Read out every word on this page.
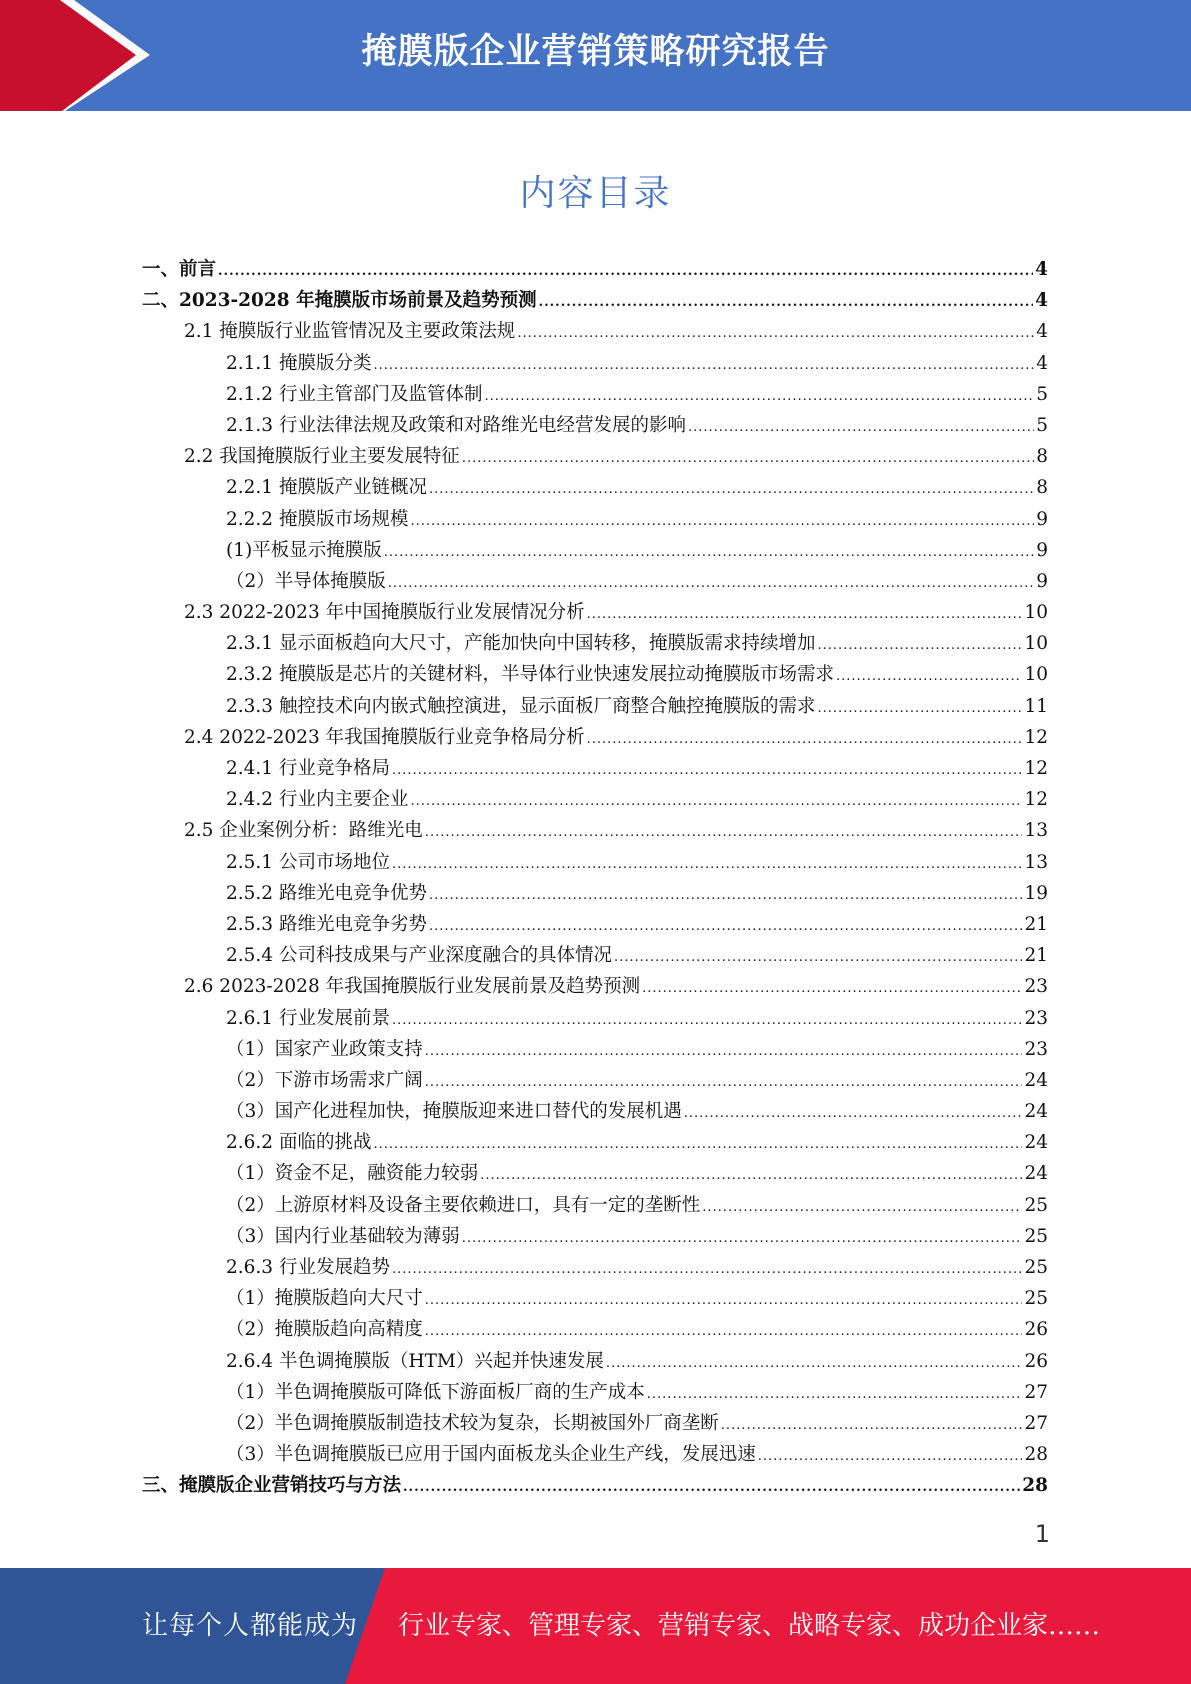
掩膜版企业营销策略研究报告
内容目录
一、前言 .....	4
二、2023-2028 年掩膜版市场前景及趋势预测 .....	4
2.1 掩膜版行业监管情况及主要政策法规 .....	4
2.1.1 掩膜版分类 .....	4
2.1.2 行业主管部门及监管体制 .....	5
2.1.3 行业法律法规及政策和对路维光电经营发展的影响 .....	5
2.2 我国掩膜版行业主要发展特征 .....	8
2.2.1 掩膜版产业链概况 .....	8
2.2.2 掩膜版市场规模 .....	9
(1)平板显示掩膜版 .....	9
（2）半导体掩膜版 .....	9
2.3 2022-2023 年中国掩膜版行业发展情况分析 .....	10
2.3.1 显示面板趋向大尺寸，产能加快向中国转移，掩膜版需求持续增加 .....	10
2.3.2 掩膜版是芯片的关键材料，半导体行业快速发展拉动掩膜版市场需求 .....	10
2.3.3 触控技术向内嵌式触控演进，显示面板厂商整合触控掩膜版的需求 .....	11
2.4 2022-2023 年我国掩膜版行业竞争格局分析 .....	12
2.4.1 行业竞争格局 .....	12
2.4.2 行业内主要企业 .....	12
2.5 企业案例分析：路维光电 .....	13
2.5.1 公司市场地位 .....	13
2.5.2 路维光电竞争优势 .....	19
2.5.3 路维光电竞争劣势 .....	21
2.5.4 公司科技成果与产业深度融合的具体情况 .....	21
2.6 2023-2028 年我国掩膜版行业发展前景及趋势预测 .....	23
2.6.1 行业发展前景 .....	23
（1）国家产业政策支持 .....	23
（2）下游市场需求广阔 .....	24
（3）国产化进程加快，掩膜版迎来进口替代的发展机遇 .....	24
2.6.2 面临的挑战 .....	24
（1）资金不足，融资能力较弱 .....	24
（2）上游原材料及设备主要依赖进口，具有一定的垄断性 .....	25
（3）国内行业基础较为薄弱 .....	25
2.6.3 行业发展趋势 .....	25
（1）掩膜版趋向大尺寸 .....	25
（2）掩膜版趋向高精度 .....	26
2.6.4 半色调掩膜版（HTM）兴起并快速发展 .....	26
（1）半色调掩膜版可降低下游面板厂商的生产成本 .....	27
（2）半色调掩膜版制造技术较为复杂，长期被国外厂商垄断 .....	27
（3）半色调掩膜版已应用于国内面板龙头企业生产线，发展迅速 .....	28
三、掩膜版企业营销技巧与方法 .....	28
1
让每个人都能成为 行业专家、管理专家、营销专家、战略专家、成功企业家……
